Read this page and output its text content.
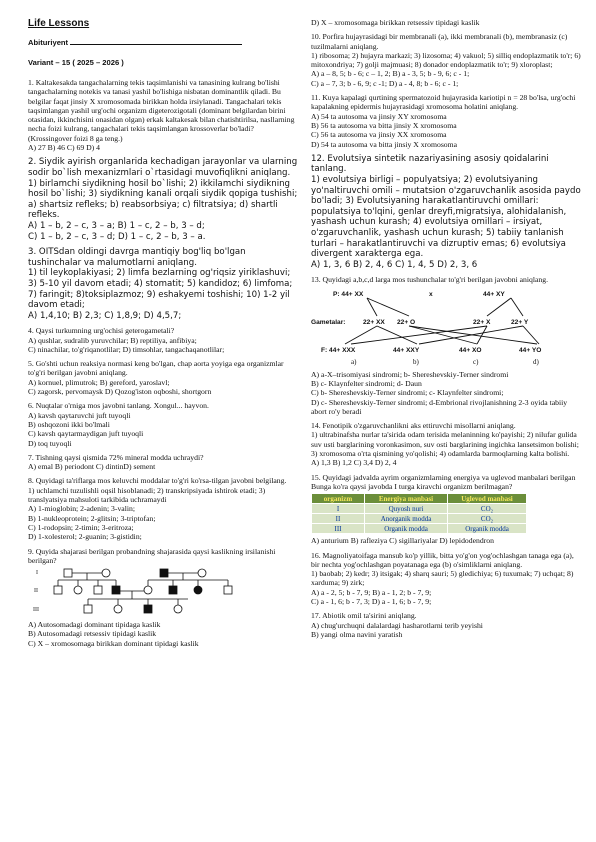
Life Lessons

Abituriyent

Variant – 15 ( 2025 – 2026 )

1. Kaltakesakda tangachalarning tekis taqsimlanishi va tanasining kulrang bo'lishi tangachalarning notekis va tanasi yashil bo'lishiga nisbatan dominantlik qiladi. Bu belgilar faqat jinsiy X xromosomada birikkan holda irsiylanadi. Tangachalari tekis taqsimlangan yashil urg'ochi organizm digeterozigotali (dominant belgilardan birini otasidan, ikkinchisini onasidan olgan) erkak kaltakesak bilan chatishtirilsa, nasllarning necha foizi kulrang, tangachalari tekis taqsimlangan krossoverlar bo'ladi? (Krossingover foizi 8 ga teng.)

A) 27 B) 46 C) 69 D) 4

2. Siydik ayirish organlarida kechadigan jarayonlar va ularning sodir bo`lish mexanizmlari o`rtasidagi muvofiqlikni aniqlang.

1) birlamchi siydikning hosil bo`lishi; 2) ikkilamchi siydikning hosil bo`lishi; 3) siydikning kanali orqali siydik qopiga tushishi;

a) shartsiz refleks; b) reabsorbsiya; c) filtratsiya; d) shartli refleks.

A) 1 – b, 2 – c, 3 – a; B) 1 – c, 2 – b, 3 – d;

C) 1 – b, 2 – c, 3 – d; D) 1 – c, 2 – b, 3 – a.

3. OITSdan oldingi davrga mantiqiy bog'liq bo'lgan tushinchalar va malumotlarni aniqlang.

1) til leykoplakiyasi; 2) limfa bezlarning og'riqsiz yiriklashuvi; 3) 5-10 yil davom etadi; 4) stomatit; 5) kandidoz; 6) limfoma; 7) faringit; 8)toksiplazmoz; 9) eshakyemi toshishi; 10) 1-2 yil davom etadi;

A) 1,4,10; B) 2,3; C) 1,8,9; D) 4,5,7;

4. Qaysi turkumning urg'ochisi geterogametali?

A) qushlar, sudralib yuruvchilar; B) reptiliya, anfibiya;

C) ninachilar, to'g'riqanotlilar; D) timsohlar, tangachaqanotlilar;

5. Go'shti uchun reaksiya normasi keng bo'lgan, chap aorta yoyiga ega organizmlar to'g'ri berilgan javobni aniqlang.

A) kornuel, plimutrok; B) gereford, yaroslavl;

C) zagorsk, pervomaysk D) Qozog'iston oqboshi, shortgorn

6. Nuqtalar o'rniga mos javobni tanlang. Xongul... hayvon.

A) kavsh qaytaruvchi juft tuyoqli

B) oshqozoni ikki bo'lmali

C) kavsh qaytarmaydigan juft tuyoqli

D) toq tuyoqli

7. Tishning qaysi qismida 72% mineral modda uchraydi?

A) emal B) periodont C) dintinD) sement

8. Quyidagi ta'riflarga mos keluvchi moddalar to'g'ri ko'rsa-tilgan javobni belgilang.

1) uchlamchi tuzulishli oqsil hisoblanadi; 2) transkripsiyada ishtirok etadi; 3) translyatsiya mahsuloti tarkibida uchramaydi

A) 1-mioglobin; 2-adenin; 3-valin;

B) 1-nukleoprotein; 2-glitsin; 3-triptofan;

C) 1-rodopsin; 2-timin; 3-eritroza;

D) 1-xolesterol; 2-guanin; 3-gistidin;

9. Quyida shajarasi berilgan probandning shajarasida qaysi kaslikning irsilanishi berilgan?

I
II
III

A) Autosomadagi dominant tipidaga kaslik

B) Autosomadagi retsessiv tipidagi kaslik

C) X – xromosomaga birikkan dominant tipidagi kaslik

D) X – xromosomaga birikkan retsessiv tipidagi kaslik

10. Porfira hujayrasidagi bir membranali (a), ikki membranali (b), membranasiz (c) tuzilmalarni aniqlang.

1) ribosoma; 2) hujayra markazi; 3) lizosoma; 4) vakuol; 5) silliq endoplazmatik to'r; 6) mitoxondriya; 7) golji majmuasi; 8) donador endoplazmatik to'r; 9) xloroplast;

A) a – 8, 5; b - 6; c – 1, 2; B) a - 3, 5; b - 9, 6; c - 1;

C) a – 7, 3; b - 6, 9; c -1; D) a - 4, 8; b - 6; c - 1;

11. Kuya kapalagi qurtining spermatozoid hujayrasida kariotipi n = 28 bo'lsa, urg'ochi kapalakning epidermis hujayrasidagi xromosoma holatini aniqlang.

A) 54 ta autosoma va jinsiy XY xromosoma

B) 56 ta autosoma va bitta jinsiy X xromosoma

C) 56 ta autosoma va jinsiy XX xromosoma

D) 54 ta autosoma va bitta jinsiy X xromosoma

12. Evolutsiya sintetik nazariyasining asosiy qoidalarini tanlang.

1) evolutsiya birligi – populyatsiya; 2) evolutsiyaning yo'naltiruvchi omili – mutatsion o'zgaruvchanlik asosida paydo bo'ladi; 3) Evolutsiyaning harakatlantiruvchi omillari: populatsiya to'lqini, genlar dreyfi,migratsiya, alohidalanish, yashash uchun kurash; 4) evolutsiya omillari – irsiyat, o'zgaruvchanlik, yashash uchun kurash; 5) tabiiy tanlanish turlari – harakatlantiruvchi va dizruptiv emas; 6) evolutsiya divergent xarakterga ega.

A) 1, 3, 6 B) 2, 4, 6 C) 1, 4, 5 D) 2, 3, 6

13. Quyidagi a,b,c,d larga mos tushunchalar to'g'ri berilgan javobni aniqlang.

P: 44+ XX	x	44+ XY
Gametalar:	22+ XX 22+ O	22+ X	22+ Y
F: 44+ XXX	44+ XXY	44+ XO	44+ YO
a)	b)	c)	d)

A) a-X–trisomiyasi sindromi; b- Shereshevskiy-Terner sindromi

B) c- Klaynfelter sindromi; d- Daun

C) b- Shereshevskiy-Terner sindromi; c- Klaynfelter sindromi;

D) c- Shereshevskiy-Terner sindromi; d-Embrional rivojlanishning 2-3 oyida tabiiy abort ro'y beradi

14. Fenotipik o'zgaruvchanlikni aks ettiruvchi misollarni aniqlang.

1) ultrabinafsha nurlar ta'sirida odam terisida melaninning ko'payishi; 2) nilufar gulida suv usti barglarining voronkasimon, suv osti barglarining ingichka lansetsimon bolishi; 3) xromosoma o'rta qismining yo'qolishi; 4) odamlarda barmoqlarning kalta bolishi.

A) 1,3 B) 1,2 C) 3,4 D) 2, 4

15. Quyidagi jadvalda ayrim organizmlarning energiya va uglevod manbalari berilgan

Bunga ko'ra qaysi javobda I turga kiravchi organizm berilmagan?

organizm	Energiya manbasi	Uglevod manbasi
I	Quyosh nuri	CO₂
II	Anorganik modda	CO₂
III	Organik modda	Organik modda

A) anturium B) rafleziya C) sigillariyalar D) lepidodendron

16. Magnoliyatoifaga mansub ko'p yillik, bitta yo'g'on yog'ochlashgan tanaga ega (a), bir nechta yog'ochlashgan poyatanaga ega (b) o'simliklarni aniqlang.

1) baobab; 2) kedr; 3) itsigak; 4) sharq sauri; 5) gledichiya; 6) tuxumak; 7) uchqat; 8) xarduma; 9) zirk;

A) a - 2, 5; b - 7, 9; B) a - 1, 2; b - 7, 9;

C) a - 1, 6; b - 7, 3; D) a - 1, 6; b - 7, 9;

17. Abiotik omil ta'sirini aniqlang.

A) chug'urchuqni dalalardagi hasharotlarni terib yeyishi

B) yangi olma navini yaratish
